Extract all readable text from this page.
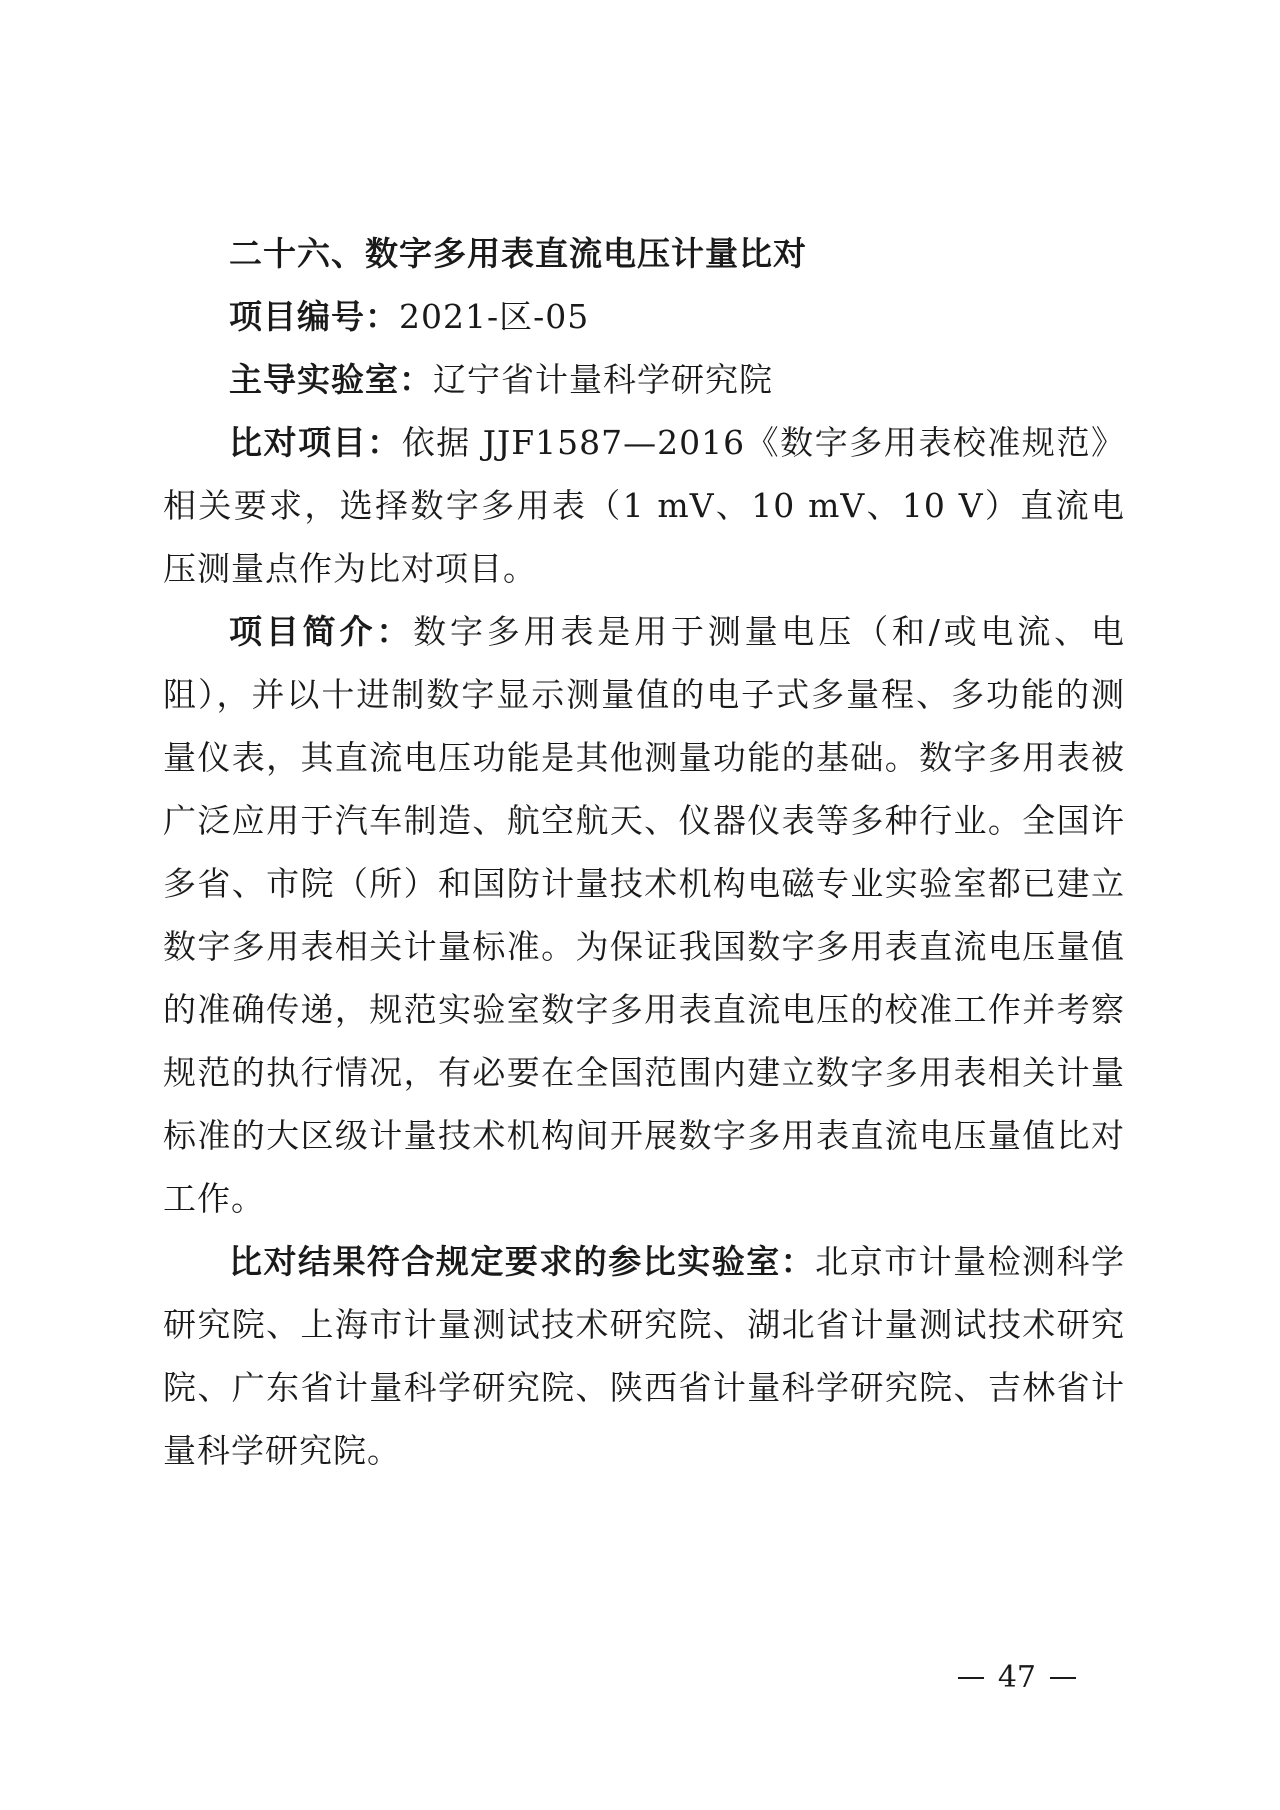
二十六、数字多用表直流电压计量比对

项目编号：2021-区-05

主导实验室：辽宁省计量科学研究院

比对项目：依据 JJF1587—2016《数字多用表校准规范》相关要求，选择数字多用表（1 mV、10 mV、10 V）直流电压测量点作为比对项目。

项目简介：数字多用表是用于测量电压（和/或电流、电阻），并以十进制数字显示测量值的电子式多量程、多功能的测量仪表，其直流电压功能是其他测量功能的基础。数字多用表被广泛应用于汽车制造、航空航天、仪器仪表等多种行业。全国许多省、市院（所）和国防计量技术机构电磁专业实验室都已建立数字多用表相关计量标准。为保证我国数字多用表直流电压量值的准确传递，规范实验室数字多用表直流电压的校准工作并考察规范的执行情况，有必要在全国范围内建立数字多用表相关计量标准的大区级计量技术机构间开展数字多用表直流电压量值比对工作。

比对结果符合规定要求的参比实验室：北京市计量检测科学研究院、上海市计量测试技术研究院、湖北省计量测试技术研究院、广东省计量科学研究院、陕西省计量科学研究院、吉林省计量科学研究院。

47
